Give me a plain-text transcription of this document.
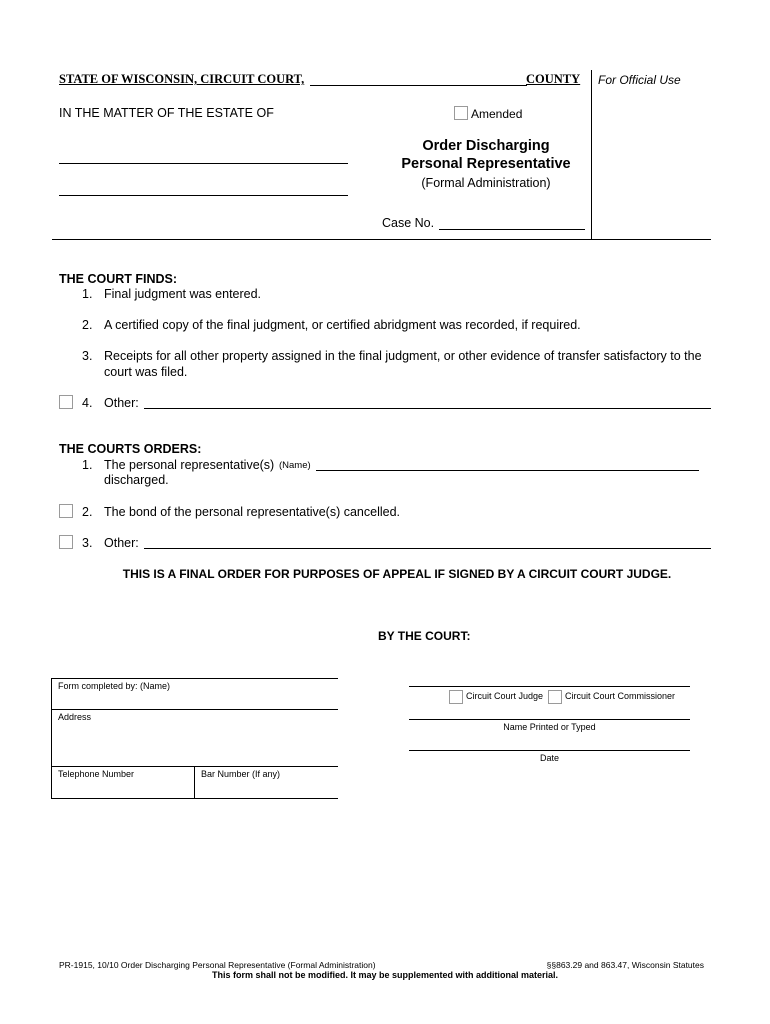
STATE OF WISCONSIN, CIRCUIT COURT,	COUNTY For Official Use
IN THE MATTER OF THE ESTATE OF	Amended
Order Discharging
Personal Representative
(Formal Administration)
Case No.
THE COURT FINDS:
1. Final judgment was entered.
2. A certified copy of the final judgment, or certified abridgment was recorded, if required.
3. Receipts for all other property assigned in the final judgment, or other evidence of transfer satisfactory to the
court was filed.
4. Other:
THE COURTS ORDERS:
1. The personal representative(s) (Name)
discharged.
2. The bond of the personal representative(s) cancelled.
3. Other:
THIS IS A FINAL ORDER FOR PURPOSES OF APPEAL IF SIGNED BY A CIRCUIT COURT JUDGE.
BY THE COURT:
Form completed by: (Name)
Address
Telephone Number	Bar Number (If any)
Circuit Court Judge Circuit Court Commissioner
Name Printed or Typed
Date
PR-1915, 10/10 Order Discharging Personal Representative (Formal Administration)	§§863.29 and 863.47, Wisconsin Statutes
This form shall not be modified. It may be supplemented with additional material.
